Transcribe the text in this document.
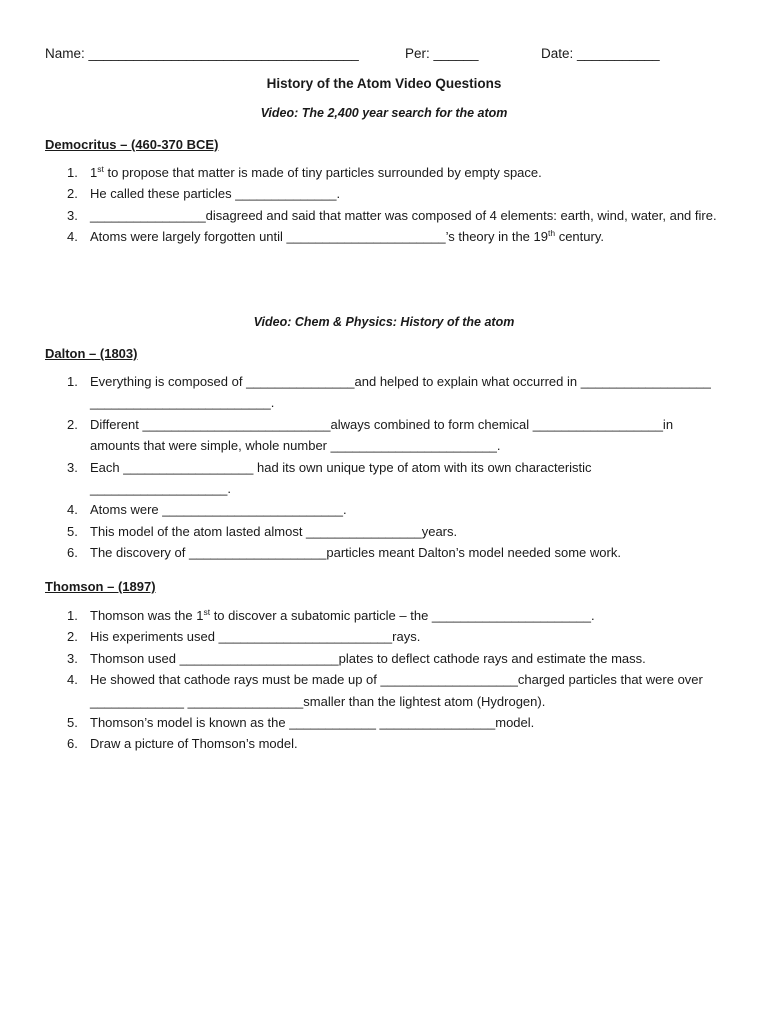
Name: ____________________________________	Per: ______	Date: ___________
History of the Atom Video Questions
Video: The 2,400 year search for the atom
Democritus – (460-370 BCE)
1. 1st to propose that matter is made of tiny particles surrounded by empty space.
2. He called these particles ______________.
3. ________________disagreed and said that matter was composed of 4 elements: earth, wind, water, and fire.
4. Atoms were largely forgotten until ______________________’s theory in the 19th century.
Video: Chem & Physics: History of the atom
Dalton – (1803)
1. Everything is composed of _______________and helped to explain what occurred in __________________ _________________________.
2. Different __________________________always combined to form chemical __________________in amounts that were simple, whole number _______________________.
3. Each __________________ had its own unique type of atom with its own characteristic ___________________.
4. Atoms were _________________________.
5. This model of the atom lasted almost ________________years.
6. The discovery of ___________________particles meant Dalton’s model needed some work.
Thomson – (1897)
1. Thomson was the 1st to discover a subatomic particle – the ______________________.
2. His experiments used ________________________rays.
3. Thomson used ______________________plates to deflect cathode rays and estimate the mass.
4. He showed that cathode rays must be made up of ___________________charged particles that were over _____________ ________________smaller than the lightest atom (Hydrogen).
5. Thomson’s model is known as the ____________ ________________model.
6. Draw a picture of Thomson’s model.
